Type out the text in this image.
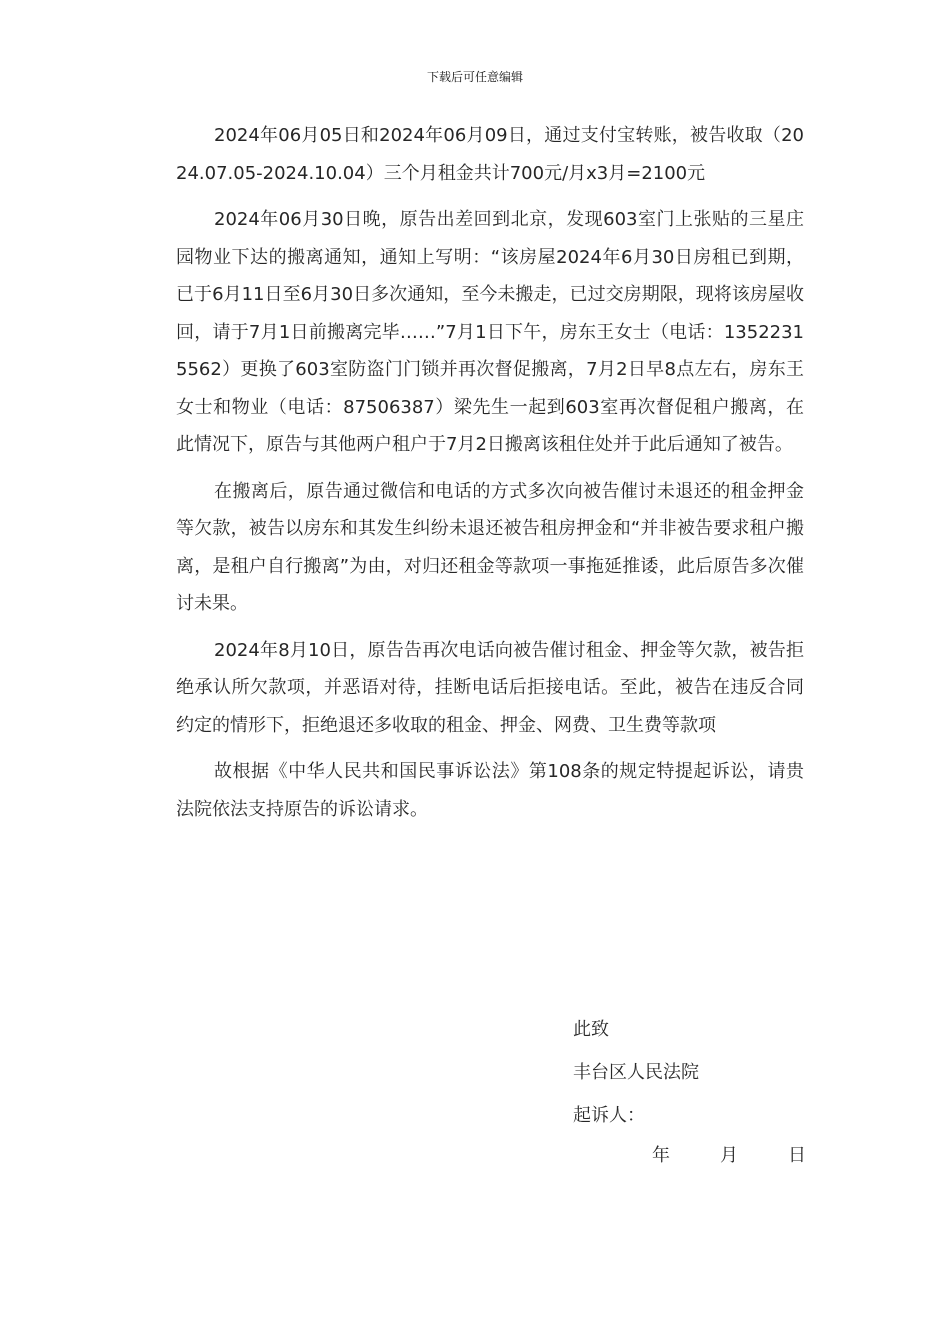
下载后可任意编辑

2024年06月05日和2024年06月09日，通过支付宝转账，被告收取（2024.07.05-2024.10.04）三个月租金共计700元/月x3月=2100元

2024年06月30日晚，原告出差回到北京，发现603室门上张贴的三星庄园物业下达的搬离通知，通知上写明：“该房屋2024年6月30日房租已到期，已于6月11日至6月30日多次通知，至今未搬走，已过交房期限，现将该房屋收回，请于7月1日前搬离完毕……”7月1日下午，房东王女士（电话：13522315562）更换了603室防盗门门锁并再次督促搬离，7月2日早8点左右，房东王女士和物业（电话：87506387）梁先生一起到603室再次督促租户搬离，在此情况下，原告与其他两户租户于7月2日搬离该租住处并于此后通知了被告。

在搬离后，原告通过微信和电话的方式多次向被告催讨未退还的租金押金等欠款，被告以房东和其发生纠纷未退还被告租房押金和“并非被告要求租户搬离，是租户自行搬离”为由，对归还租金等款项一事拖延推诿，此后原告多次催讨未果。

2024年8月10日，原告告再次电话向被告催讨租金、押金等欠款，被告拒绝承认所欠款项，并恶语对待，挂断电话后拒接电话。至此，被告在违反合同约定的情形下，拒绝退还多收取的租金、押金、网费、卫生费等款项

故根据《中华人民共和国民事诉讼法》第108条的规定特提起诉讼，请贵法院依法支持原告的诉讼请求。

此致
丰台区人民法院
起诉人：
年	月	日
